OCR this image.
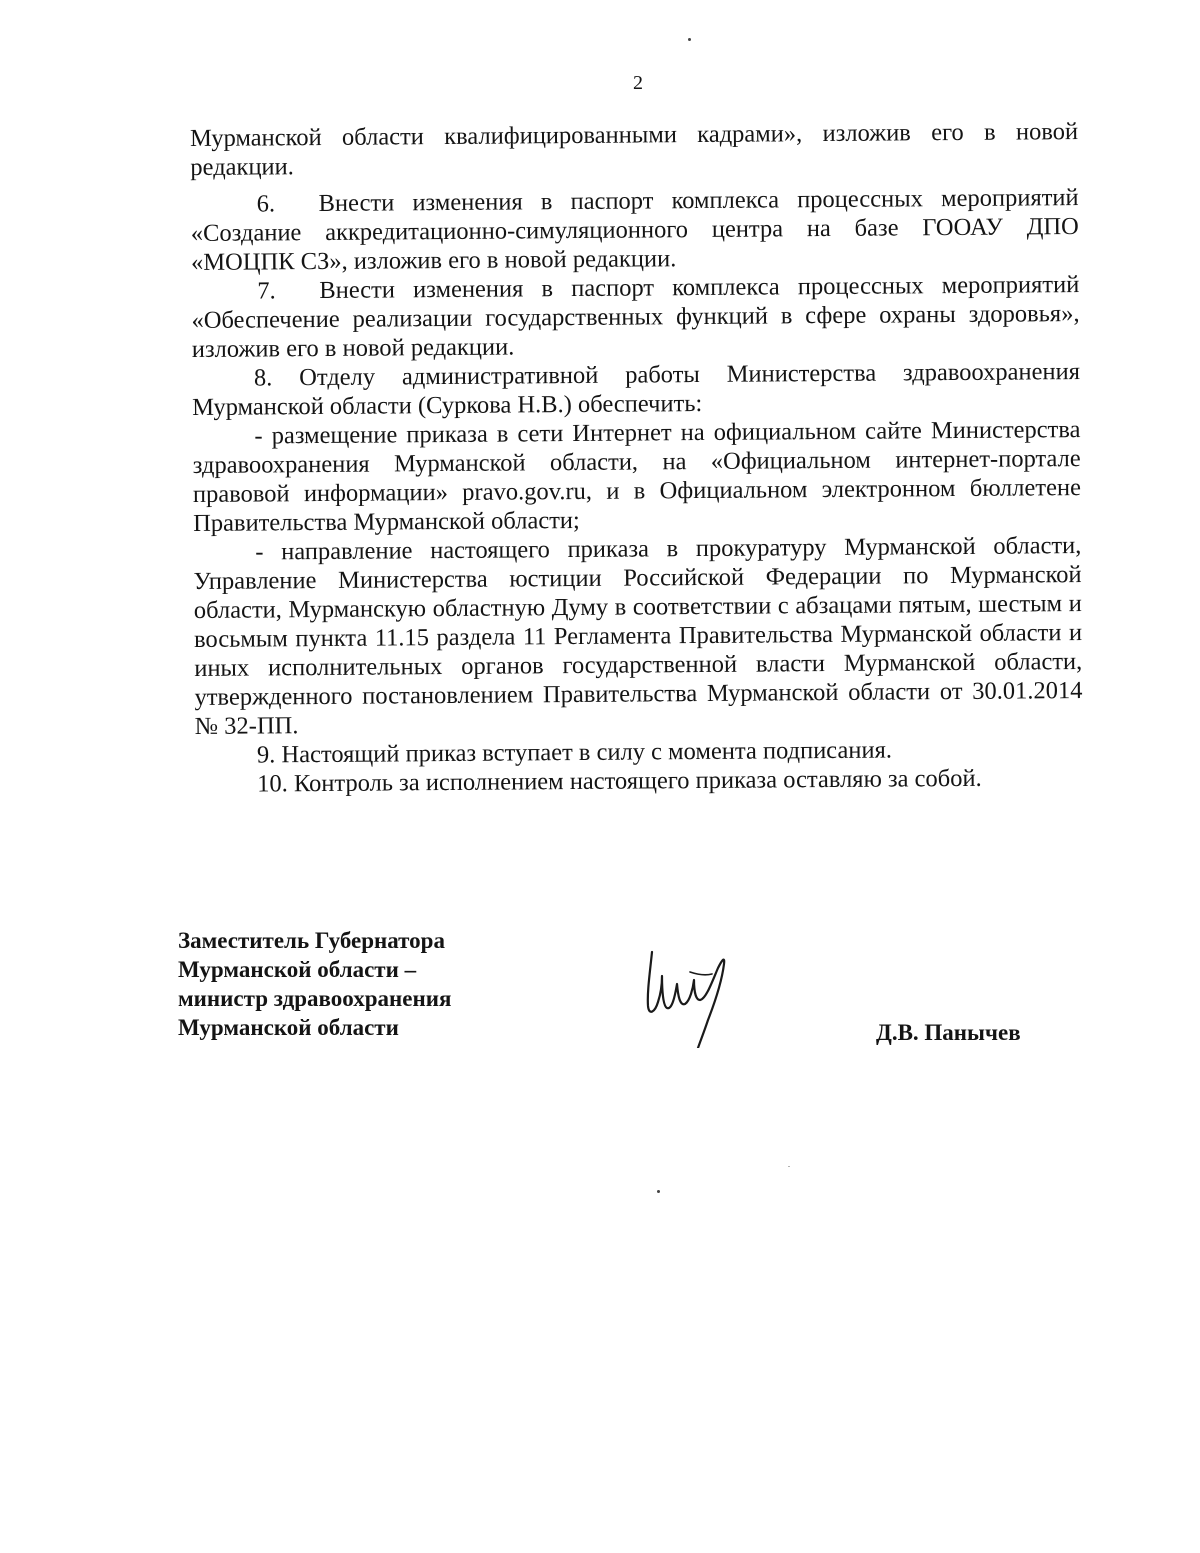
2

Мурманской области квалифицированными кадрами», изложив его в новой редакции.

6. Внести изменения в паспорт комплекса процессных мероприятий «Создание аккредитационно-симуляционного центра на базе ГООАУ ДПО «МОЦПК СЗ», изложив его в новой редакции.

7. Внести изменения в паспорт комплекса процессных мероприятий «Обеспечение реализации государственных функций в сфере охраны здоровья», изложив его в новой редакции.

8. Отделу административной работы Министерства здравоохранения Мурманской области (Суркова Н.В.) обеспечить:

- размещение приказа в сети Интернет на официальном сайте Министерства здравоохранения Мурманской области, на «Официальном интернет-портале правовой информации» pravo.gov.ru, и в Официальном электронном бюллетене Правительства Мурманской области;

- направление настоящего приказа в прокуратуру Мурманской области, Управление Министерства юстиции Российской Федерации по Мурманской области, Мурманскую областную Думу в соответствии с абзацами пятым, шестым и восьмым пункта 11.15 раздела 11 Регламента Правительства Мурманской области и иных исполнительных органов государственной власти Мурманской области, утвержденного постановлением Правительства Мурманской области от 30.01.2014 № 32-ПП.

9. Настоящий приказ вступает в силу с момента подписания.

10. Контроль за исполнением настоящего приказа оставляю за собой.

Заместитель Губернатора
Мурманской области –
министр здравоохранения
Мурманской области	Д.В. Панычев
